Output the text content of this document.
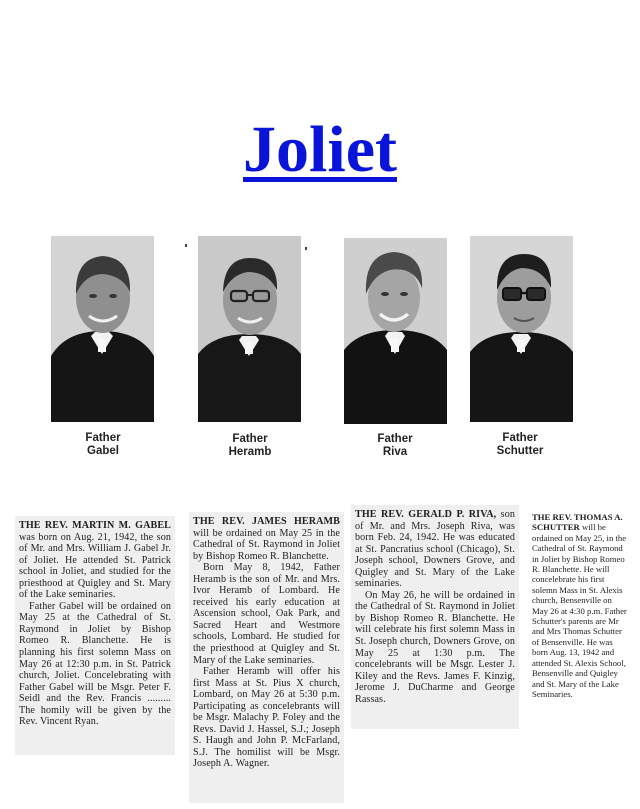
Joliet
Father
Gabel
Father
Heramb
Father
Riva
Father
Schutter

THE REV. MARTIN M. GABEL was born on Aug. 21, 1942, the son of Mr. and Mrs. William J. Gabel Jr. of Joliet. He attended St. Patrick school in Joliet, and studied for the priesthood at Quigley and St. Mary of the Lake seminaries.

Father Gabel will be ordained on May 25 at the Cathedral of St. Raymond in Joliet by Bishop Romeo R. Blanchette. He is planning his first solemn Mass on May 26 at 12:30 p.m. in St. Patrick church, Joliet. Concelebrating with Father Gabel will be Msgr. Peter F. Seidl and the Rev. Francis ......... The homily will be given by the Rev. Vincent Ryan.

THE REV. JAMES HERAMB will be ordained on May 25 in the Cathedral of St. Raymond in Joliet by Bishop Romeo R. Blanchette.

Born May 8, 1942, Father Heramb is the son of Mr. and Mrs. Ivor Heramb of Lombard. He received his early education at Ascension school, Oak Park, and Sacred Heart and Westmore schools, Lombard. He studied for the priesthood at Quigley and St. Mary of the Lake seminaries.

Father Heramb will offer his first Mass at St. Pius X church, Lombard, on May 26 at 5:30 p.m. Participating as concelebrants will be Msgr. Malachy P. Foley and the Revs. David J. Hassel, S.J.; Joseph S. Haugh and John P. McFarland, S.J. The homilist will be Msgr. Joseph A. Wagner.

THE REV. GERALD P. RIVA, son of Mr. and Mrs. Joseph Riva, was born Feb. 24, 1942. He was educated at St. Pancratius school (Chicago), St. Joseph school, Downers Grove, and Quigley and St. Mary of the Lake seminaries.

On May 26, he will be ordained in the Cathedral of St. Raymond in Joliet by Bishop Romeo R. Blanchette. He will celebrate his first solemn Mass in St. Joseph church, Downers Grove, on May 25 at 1:30 p.m. The concelebrants will be Msgr. Lester J. Kiley and the Revs. James F. Kinzig, Jerome J. DuCharme and George Rassas.

THE REV. THOMAS A. SCHUTTER will be ordained on May 25, in the Cathedral of St. Raymond in Joliet by Bishop Romeo R. Blanchette. He will concelebrate his first solemn Mass in St. Alexis church, Bensenville on May 26 at 4:30 p.m. Father Schutter's parents are Mr and Mrs Thomas Schutter of Bensenville. He was born Aug. 13, 1942 and attended St. Alexis School, Bensenville and Quigley and St. Mary of the Lake Seminaries.
